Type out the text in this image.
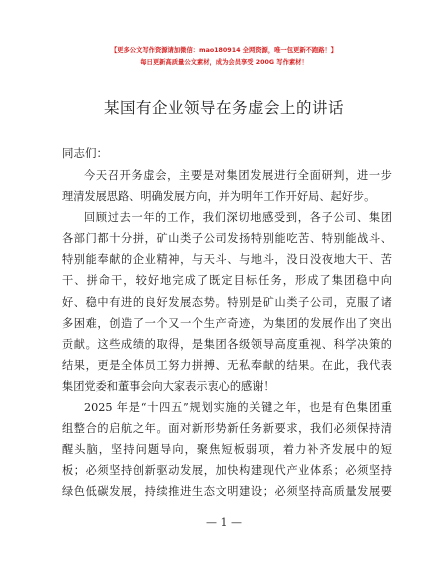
【更多公文写作资源请加微信：mao180914 全网资源，唯一包更新不跑路！】
每日更新高质量公文素材，成为会员享受 200G 写作素材！
某国有企业领导在务虚会上的讲话
同志们：
今天召开务虚会，主要是对集团发展进行全面研判，进一步
理清发展思路、明确发展方向，并为明年工作开好局、起好步。
回顾过去一年的工作，我们深切地感受到，各子公司、集团
各部门都十分拼，矿山类子公司发扬特别能吃苦、特别能战斗、
特别能奉献的企业精神，与天斗、与地斗，没日没夜地大干、苦
干、拼命干，较好地完成了既定目标任务，形成了集团稳中向
好、稳中有进的良好发展态势。特别是矿山类子公司，克服了诸
多困难，创造了一个又一个生产奇迹，为集团的发展作出了突出
贡献。这些成绩的取得，是集团各级领导高度重视、科学决策的
结果，更是全体员工努力拼搏、无私奉献的结果。在此，我代表
集团党委和董事会向大家表示衷心的感谢！
2025 年是“十四五”规划实施的关键之年，也是有色集团重
组整合的启航之年。面对新形势新任务新要求，我们必须保持清
醒头脑，坚持问题导向，聚焦短板弱项，着力补齐发展中的短
板；必须坚持创新驱动发展，加快构建现代产业体系；必须坚持
绿色低碳发展，持续推进生态文明建设；必须坚持高质量发展要
— 1 —
